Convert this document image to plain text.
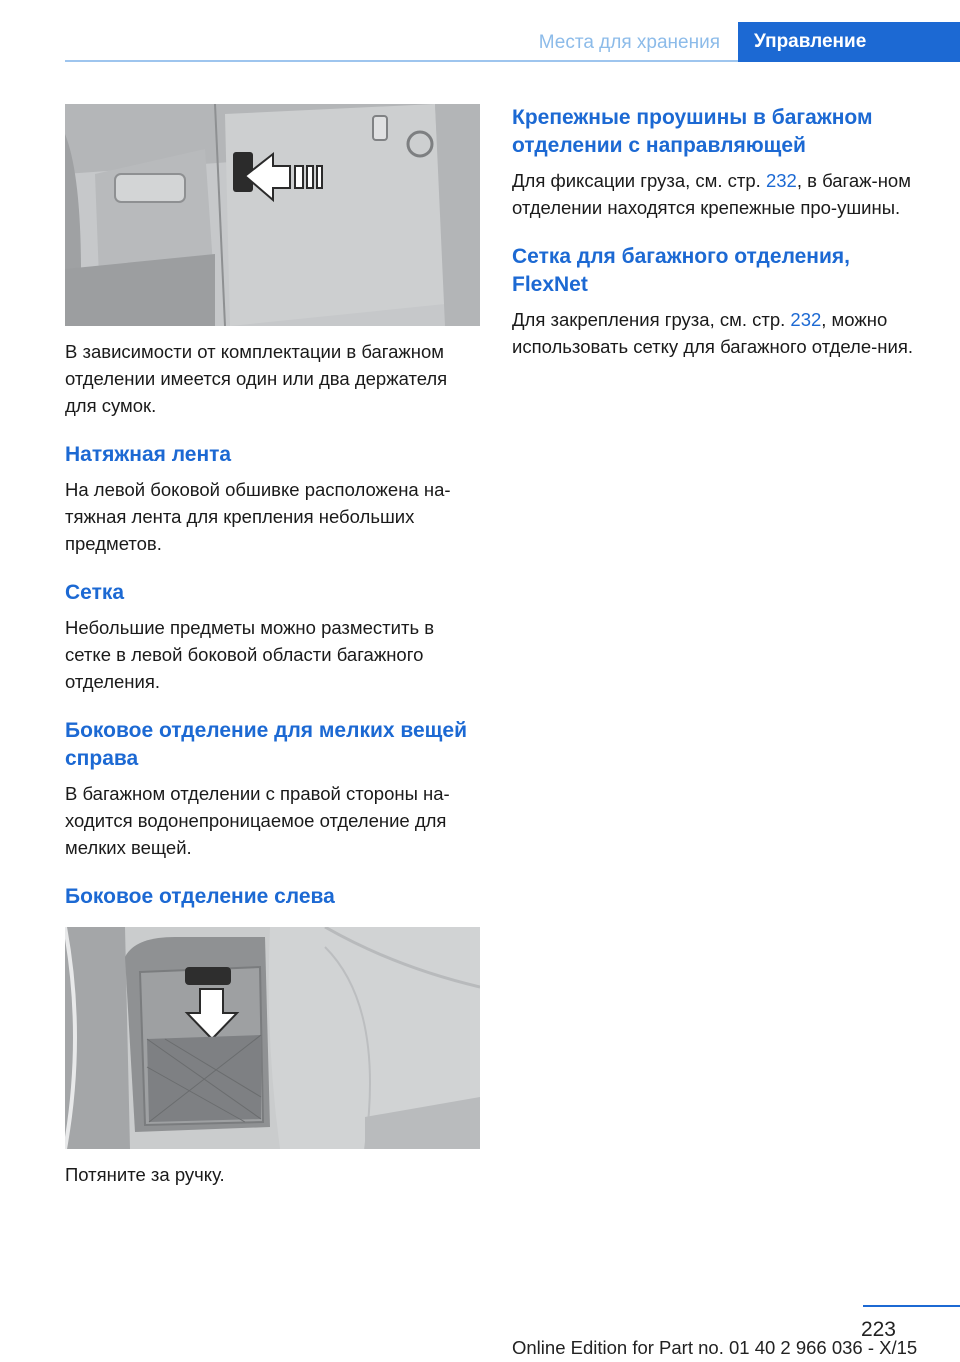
Места для хранения	Управление

В зависимости от комплектации в багажном отделении имеется один или два держателя для сумок.

Натяжная лента

На левой боковой обшивке расположена на-тяжная лента для крепления небольших предметов.

Сетка

Небольшие предметы можно разместить в сетке в левой боковой области багажного отделения.

Боковое отделение для мелких вещей справа

В багажном отделении с правой стороны на-ходится водонепроницаемое отделение для мелких вещей.

Боковое отделение слева

Потяните за ручку.

Крепежные проушины в багажном отделении с направляющей

Для фиксации груза, см. стр. 232, в багаж-ном отделении находятся крепежные про-ушины.

Сетка для багажного отделения, FlexNet

Для закрепления груза, см. стр. 232, можно использовать сетку для багажного отделе-ния.

223
Online Edition for Part no. 01 40 2 966 036 - X/15
